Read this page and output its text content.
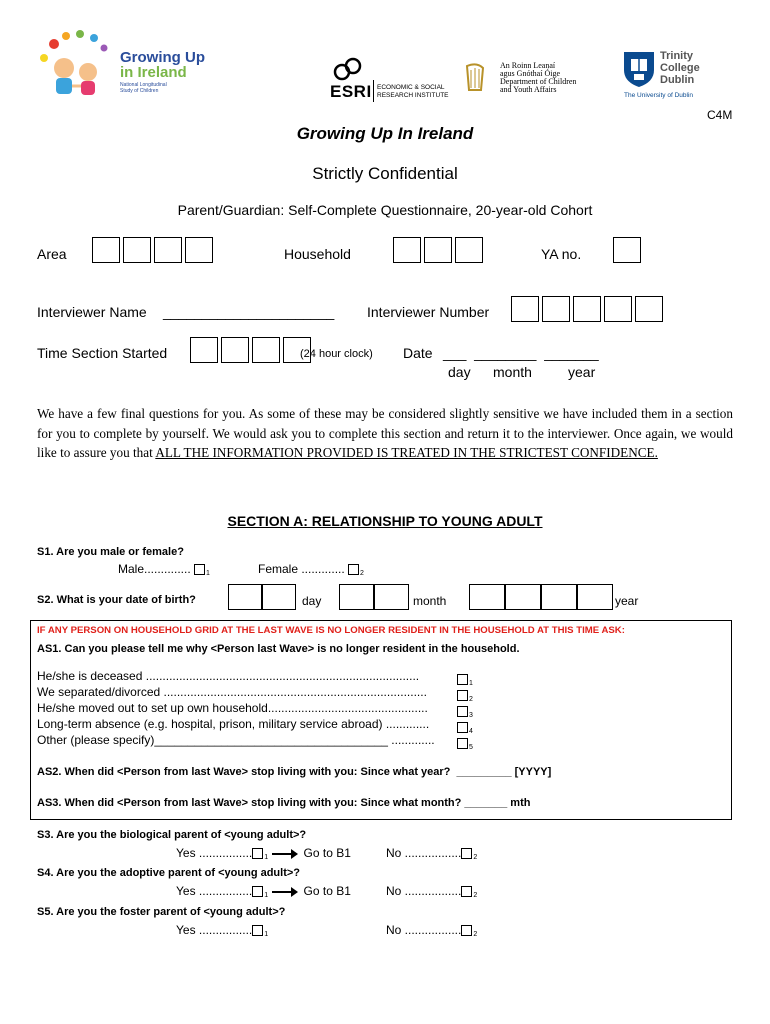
Growing Up
in Ireland
National Longitudinal
Study of Children	ESRI ECONOMIC & SOCIAL
RESEARCH INSTITUTE
An Roinn Leanaí
agus Gnóthaí Óige
Department of Children
and Youth Affairs
Trinity
College
Dublin
The University of Dublin
C4M
Growing Up In Ireland
Strictly Confidential
Parent/Guardian: Self-Complete Questionnaire, 20-year-old Cohort
Area	Household	YA no.
Interviewer Name ______________________ Interviewer Number
Time Section Started	(24 hour clock) Date ___  ________  _______
day month	year
We have a few final questions for you. As some of these may be considered slightly sensitive we have included them in a section for you to complete by yourself. We would ask you to complete this section and return it to the interviewer. Once again, we would like to assure you that ALL THE INFORMATION PROVIDED IS TREATED IN THE STRICTEST CONFIDENCE.
SECTION A: RELATIONSHIP TO YOUNG ADULT
S1. Are you male or female?
Male.............. $_1$	Female ............. $_2$
S2. What is your date of birth?	day	month	year
IF ANY PERSON ON HOUSEHOLD GRID AT THE LAST WAVE IS NO LONGER RESIDENT IN THE HOUSEHOLD AT THIS TIME ASK:
AS1. Can you please tell me why <Person last Wave> is no longer resident in the household.
He/she is deceased ..................................................................................
$_1$
We separated/divorced ...............................................................................
$_2$
He/she moved out to set up own household................................................
$_3$
Long-term absence (e.g. hospital, prison, military service abroad) .............
$_4$
Other (please specify)___________________________________ .............
$_5$
AS2. When did <Person from last Wave> stop living with you: Since what year?  _________ [YYYY]
AS3. When did <Person from last Wave> stop living with you: Since what month? _______ mth
S3. Are you the biological parent of <young adult>?
Yes ................ $_1$	Go to B1	No ................. $_2$
S4. Are you the adoptive parent of <young adult>?
Yes ................ $_1$	Go to B1	No ................. $_2$
S5. Are you the foster parent of <young adult>?
Yes ................ $_1$	No ................. $_2$
